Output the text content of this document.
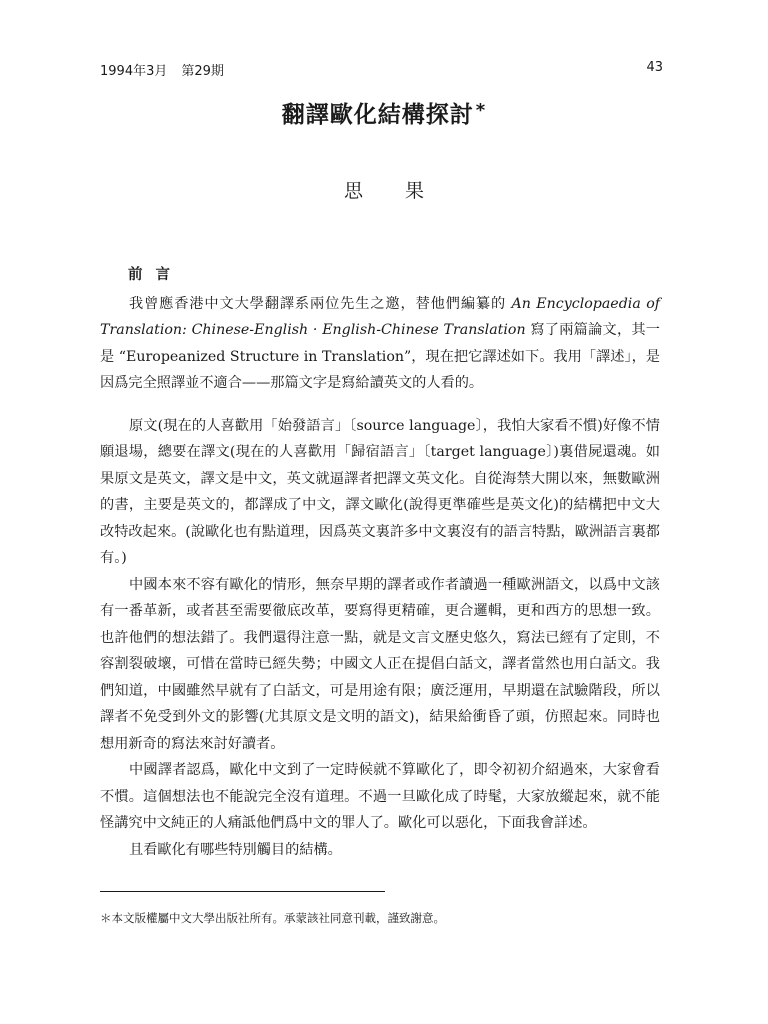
1994年3月 第29期	43
翻譯歐化結構探討 *
思 果
前 言

我曾應香港中文大學翻譯系兩位先生之邀，替他們編纂的 An Encyclopaedia of Translation: Chinese-English · English-Chinese Translation 寫了兩篇論文，其一是 “Europeanized Structure in Translation”，現在把它譯述如下。我用「譯述」，是因爲完全照譯並不適合——那篇文字是寫給讀英文的人看的。

原文(現在的人喜歡用「始發語言」〔source language〕，我怕大家看不慣)好像不情願退場，總要在譯文(現在的人喜歡用「歸宿語言」〔target language〕)裏借屍還魂。如果原文是英文，譯文是中文，英文就逼譯者把譯文英文化。自從海禁大開以來，無數歐洲的書，主要是英文的，都譯成了中文，譯文歐化(說得更準確些是英文化)的結構把中文大改特改起來。(說歐化也有點道理，因爲英文裏許多中文裏沒有的語言特點，歐洲語言裏都有。)

中國本來不容有歐化的情形，無奈早期的譯者或作者讀過一種歐洲語文，以爲中文該有一番革新，或者甚至需要徹底改革，要寫得更精確，更合邏輯，更和西方的思想一致。也許他們的想法錯了。我們還得注意一點，就是文言文歷史悠久，寫法已經有了定則，不容割裂破壞，可惜在當時已經失勢；中國文人正在提倡白話文，譯者當然也用白話文。我們知道，中國雖然早就有了白話文，可是用途有限；廣泛運用，早期還在試驗階段，所以譯者不免受到外文的影響(尤其原文是文明的語文)，結果給衝昏了頭，仿照起來。同時也想用新奇的寫法來討好讀者。

中國譯者認爲，歐化中文到了一定時候就不算歐化了，即令初初介紹過來，大家會看不慣。這個想法也不能說完全沒有道理。不過一旦歐化成了時髦，大家放縱起來，就不能怪講究中文純正的人痛詆他們爲中文的罪人了。歐化可以惡化，下面我會詳述。

且看歐化有哪些特別觸目的結構。

＊本文版權屬中文大學出版社所有。承蒙該社同意刊載，謹致謝意。
